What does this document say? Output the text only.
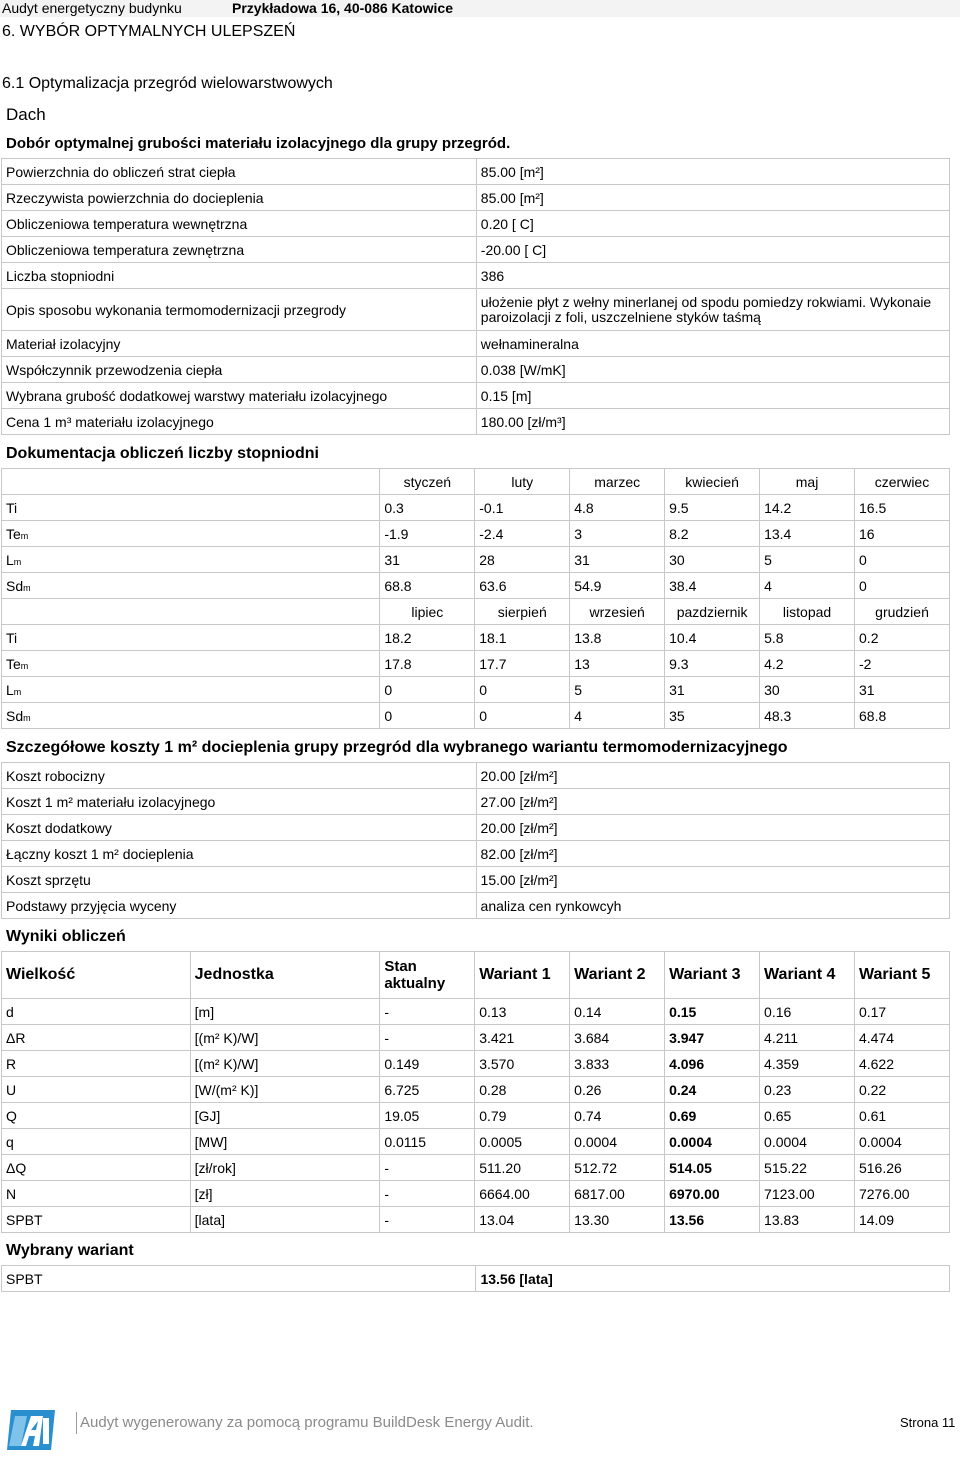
Audyt energetyczny budynku	Przykładowa 16, 40-086 Katowice
6. WYBÓR OPTYMALNYCH ULEPSZEŃ
6.1 Optymalizacja przegród wielowarstwowych
Dach
Dobór optymalnej grubości materiału izolacyjnego dla grupy przegród.
Powierzchnia do obliczeń strat ciepła	85.00 [m²]
Rzeczywista powierzchnia do docieplenia	85.00 [m²]
Obliczeniowa temperatura wewnętrzna	0.20 [ C]
Obliczeniowa temperatura zewnętrzna	-20.00 [ C]
Liczba stopniodni	386
Opis sposobu wykonania termomodernizacji przegrody	ułożenie płyt z wełny minerlanej od spodu pomiedzy rokwiami. Wykonaie paroizolacji z foli, uszczelniene styków taśmą
Materiał izolacyjny	wełnamineralna
Współczynnik przewodzenia ciepła	0.038 [W/mK]
Wybrana grubość dodatkowej warstwy materiału izolacyjnego	0.15 [m]
Cena 1 m³ materiału izolacyjnego	180.00 [zł/m³]
Dokumentacja obliczeń liczby stopniodni
	styczeń	luty	marzec	kwiecień	maj	czerwiec
Ti	0.3	-0.1	4.8	9.5	14.2	16.5
Tem	-1.9	-2.4	3	8.2	13.4	16
Lm	31	28	31	30	5	0
Sdm	68.8	63.6	54.9	38.4	4	0
	lipiec	sierpień	wrzesień	pazdziernik	listopad	grudzień
Ti	18.2	18.1	13.8	10.4	5.8	0.2
Tem	17.8	17.7	13	9.3	4.2	-2
Lm	0	0	5	31	30	31
Sdm	0	0	4	35	48.3	68.8
Szczegółowe koszty 1 m² docieplenia grupy przegród dla wybranego wariantu termomodernizacyjnego
Koszt robocizny	20.00 [zł/m²]
Koszt 1 m² materiału izolacyjnego	27.00 [zł/m²]
Koszt dodatkowy	20.00 [zł/m²]
Łączny koszt 1 m² docieplenia	82.00 [zł/m²]
Koszt sprzętu	15.00 [zł/m²]
Podstawy przyjęcia wyceny	analiza cen rynkowcyh
Wyniki obliczeń
Wielkość	Jednostka	Stan aktualny	Wariant 1	Wariant 2	Wariant 3	Wariant 4	Wariant 5
d	[m]	-	0.13	0.14	0.15	0.16	0.17
ΔR	[(m² K)/W]	-	3.421	3.684	3.947	4.211	4.474
R	[(m² K)/W]	0.149	3.570	3.833	4.096	4.359	4.622
U	[W/(m² K)]	6.725	0.28	0.26	0.24	0.23	0.22
Q	[GJ]	19.05	0.79	0.74	0.69	0.65	0.61
q	[MW]	0.0115	0.0005	0.0004	0.0004	0.0004	0.0004
ΔQ	[zł/rok]	-	511.20	512.72	514.05	515.22	516.26
N	[zł]	-	6664.00	6817.00	6970.00	7123.00	7276.00
SPBT	[lata]	-	13.04	13.30	13.56	13.83	14.09
Wybrany wariant
SPBT	13.56 [lata]
Audyt wygenerowany za pomocą programu BuildDesk Energy Audit.	Strona 11
